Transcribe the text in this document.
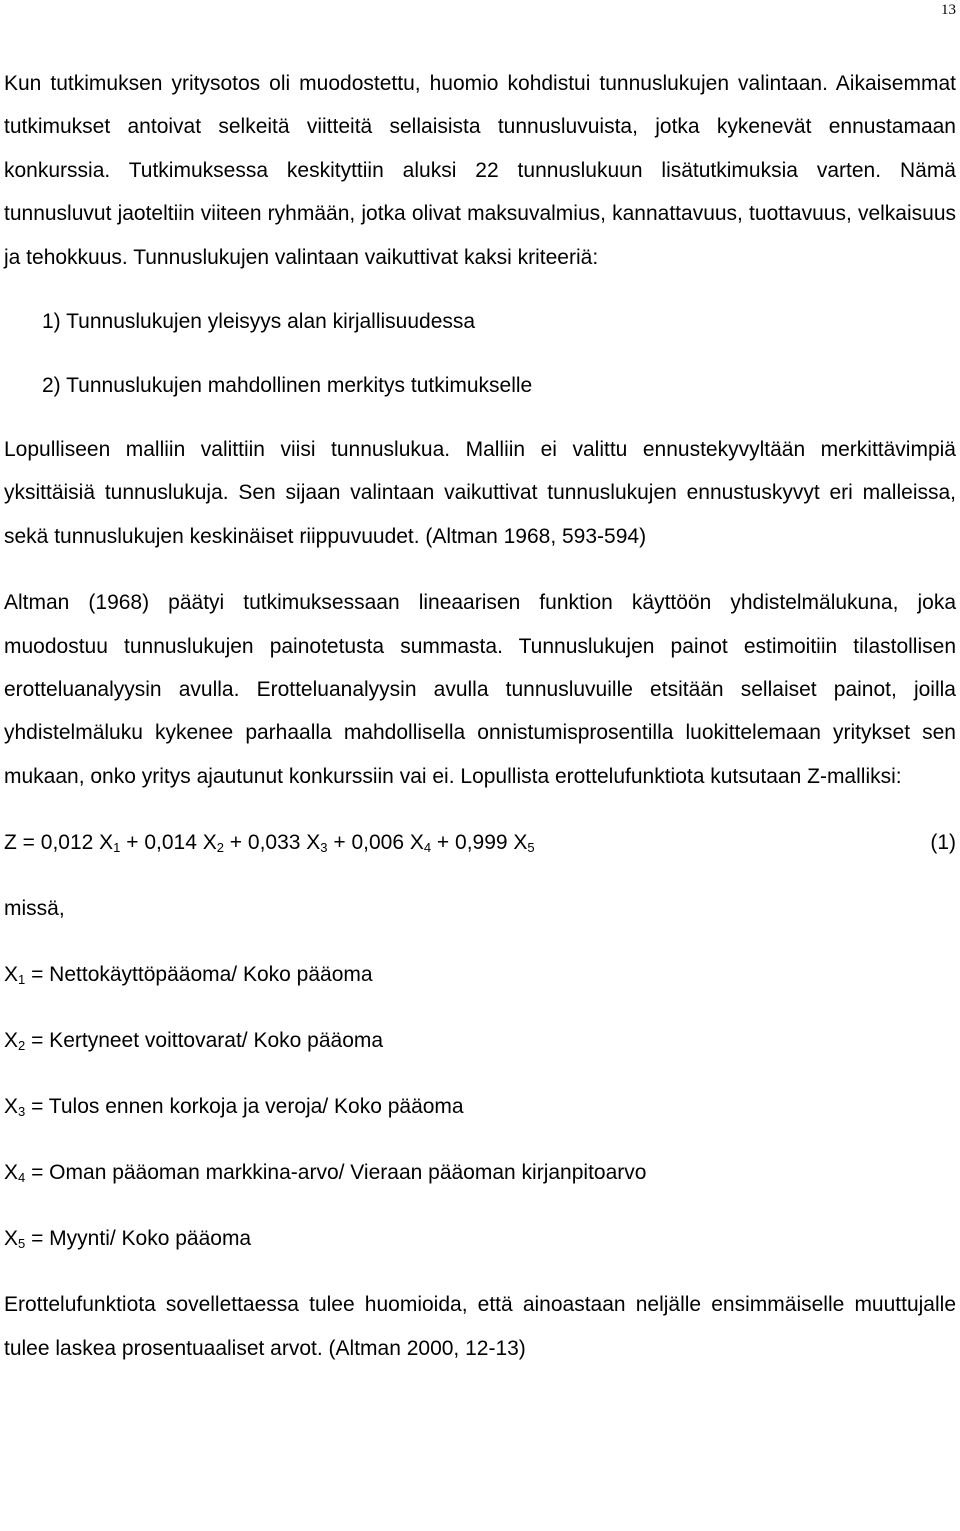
13

Kun tutkimuksen yritysotos oli muodostettu, huomio kohdistui tunnuslukujen valintaan. Aikaisemmat tutkimukset antoivat selkeitä viitteitä sellaisista tunnusluvuista, jotka kykenevät ennustamaan konkurssia. Tutkimuksessa keskityttiin aluksi 22 tunnuslukuun lisätutkimuksia varten. Nämä tunnusluvut jaoteltiin viiteen ryhmään, jotka olivat maksuvalmius, kannattavuus, tuottavuus, velkaisuus ja tehokkuus. Tunnuslukujen valintaan vaikuttivat kaksi kriteeriä:

1) Tunnuslukujen yleisyys alan kirjallisuudessa

2) Tunnuslukujen mahdollinen merkitys tutkimukselle

Lopulliseen malliin valittiin viisi tunnuslukua. Malliin ei valittu ennustekyvyltään merkittävimpiä yksittäisiä tunnuslukuja. Sen sijaan valintaan vaikuttivat tunnuslukujen ennustuskyvyt eri malleissa, sekä tunnuslukujen keskinäiset riippuvuudet. (Altman 1968, 593-594)

Altman (1968) päätyi tutkimuksessaan lineaarisen funktion käyttöön yhdistelmälukuna, joka muodostuu tunnuslukujen painotetusta summasta. Tunnuslukujen painot estimoitiin tilastollisen erotteluanalyysin avulla. Erotteluanalyysin avulla tunnusluvuille etsitään sellaiset painot, joilla yhdistelmäluku kykenee parhaalla mahdollisella onnistumisprosentilla luokittelemaan yritykset sen mukaan, onko yritys ajautunut konkurssiin vai ei. Lopullista erottelufunktiota kutsutaan Z-malliksi:

Z = 0,012 $X_1 + 0,014$ $X_2 + 0,033$ $X_3 + 0,006$ $X_4 + 0,999$ $X_5$	(1)

missä,

$X_1$ = Nettokäyttöpääoma/ Koko pääoma

$X_2$ = Kertyneet voittovarat/ Koko pääoma

$X_3$ = Tulos ennen korkoja ja veroja/ Koko pääoma

$X_4$ = Oman pääoman markkina-arvo/ Vieraan pääoman kirjanpitoarvo

$X_5$ = Myynti/ Koko pääoma

Erottelufunktiota sovellettaessa tulee huomioida, että ainoastaan neljälle ensimmäiselle muuttujalle tulee laskea prosentuaaliset arvot. (Altman 2000, 12-13)
